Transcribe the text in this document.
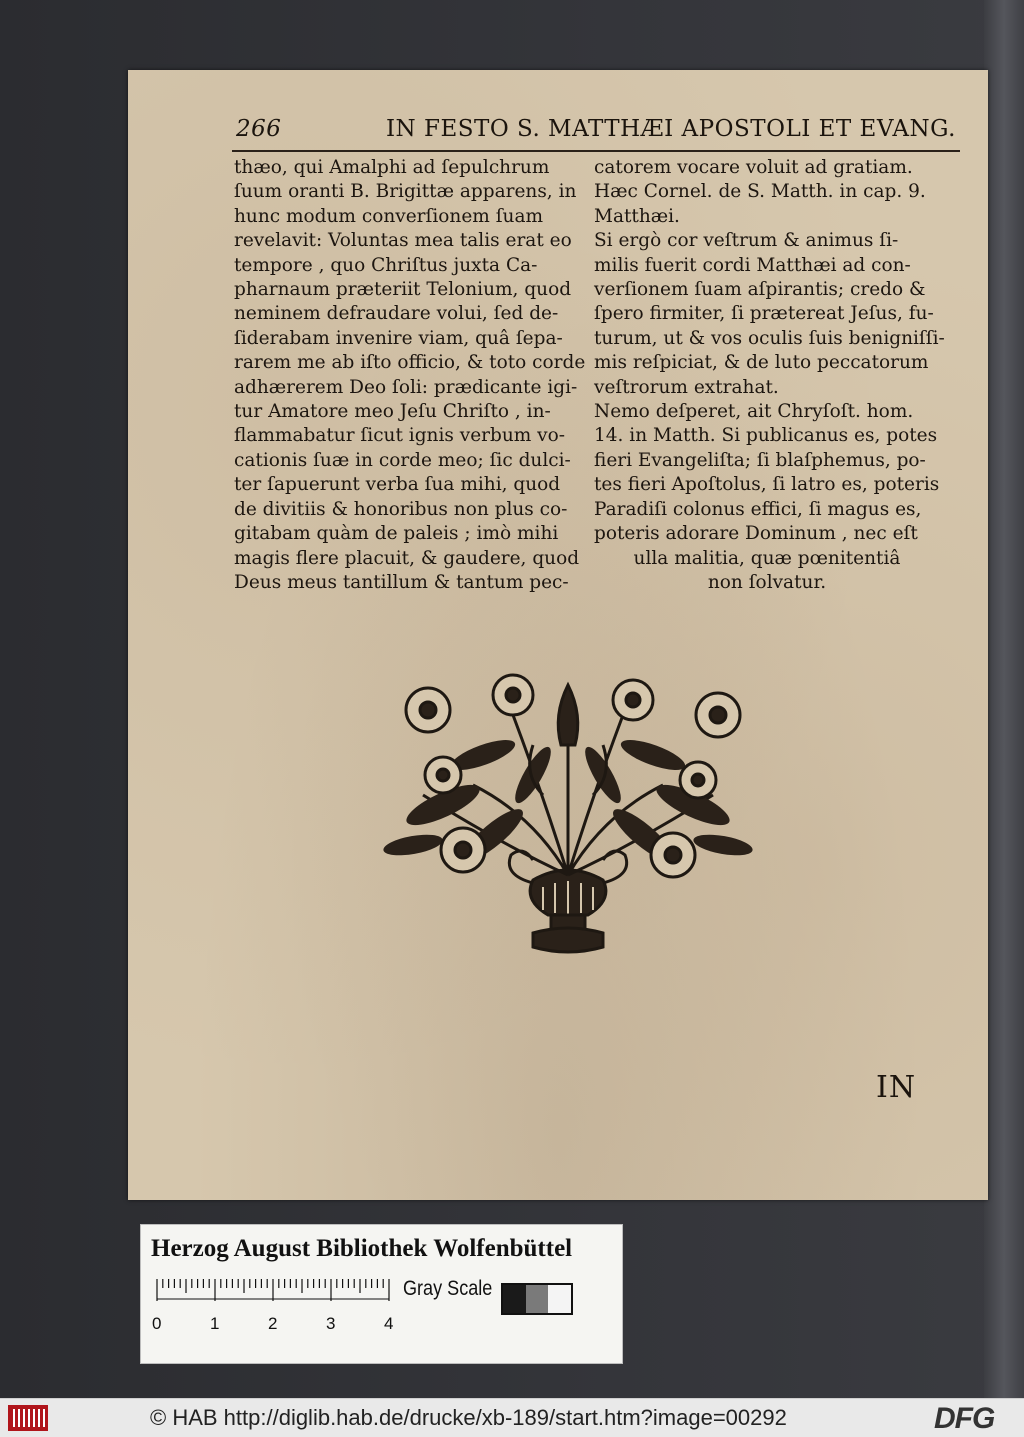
266	IN FESTO S. MATTHÆI APOSTOLI ET EVANG.
thæo, qui Amalphi ad ſepulchrum
ſuum oranti B. Brigittæ apparens, in
hunc modum converſionem ſuam
revelavit: Voluntas mea talis erat eo
tempore , quo Chriſtus juxta Ca-
pharnaum præteriit Telonium, quod
neminem defraudare volui, ſed de-
ſiderabam invenire viam, quâ ſepa-
rarem me ab iſto officio, & toto corde
adhærerem Deo ſoli: prædicante igi-
tur Amatore meo Jeſu Chriſto , in-
flammabatur ſicut ignis verbum vo-
cationis ſuæ in corde meo; ſic dulci-
ter ſapuerunt verba ſua mihi, quod
de divitiis & honoribus non plus co-
gitabam quàm de paleis ; imò mihi
magis flere placuit, & gaudere, quod
Deus meus tantillum & tantum pec-
catorem vocare voluit ad gratiam.
Hæc Cornel. de S. Matth. in cap. 9.
Matthæi.
Si ergò cor veſtrum & animus ſi-
milis fuerit cordi Matthæi ad con-
verſionem ſuam aſpirantis; credo &
ſpero firmiter, ſi prætereat Jeſus, fu-
turum, ut & vos oculis ſuis benigniſſi-
mis reſpiciat, & de luto peccatorum
veſtrorum extrahat.
Nemo deſperet, ait Chryſoſt. hom.
14. in Matth. Si publicanus es, potes
fieri Evangeliſta; ſi blaſphemus, po-
tes fieri Apoſtolus, ſi latro es, poteris
Paradiſi colonus effici, ſi magus es,
poteris adorare Dominum , nec eſt
ulla malitia, quæ pœnitentiâ
non ſolvatur.
IN
Herzog August Bibliothek Wolfenbüttel
0	1	2	3	4
Gray Scale
© HAB http://diglib.hab.de/drucke/xb-189/start.htm?image=00292	DFG
